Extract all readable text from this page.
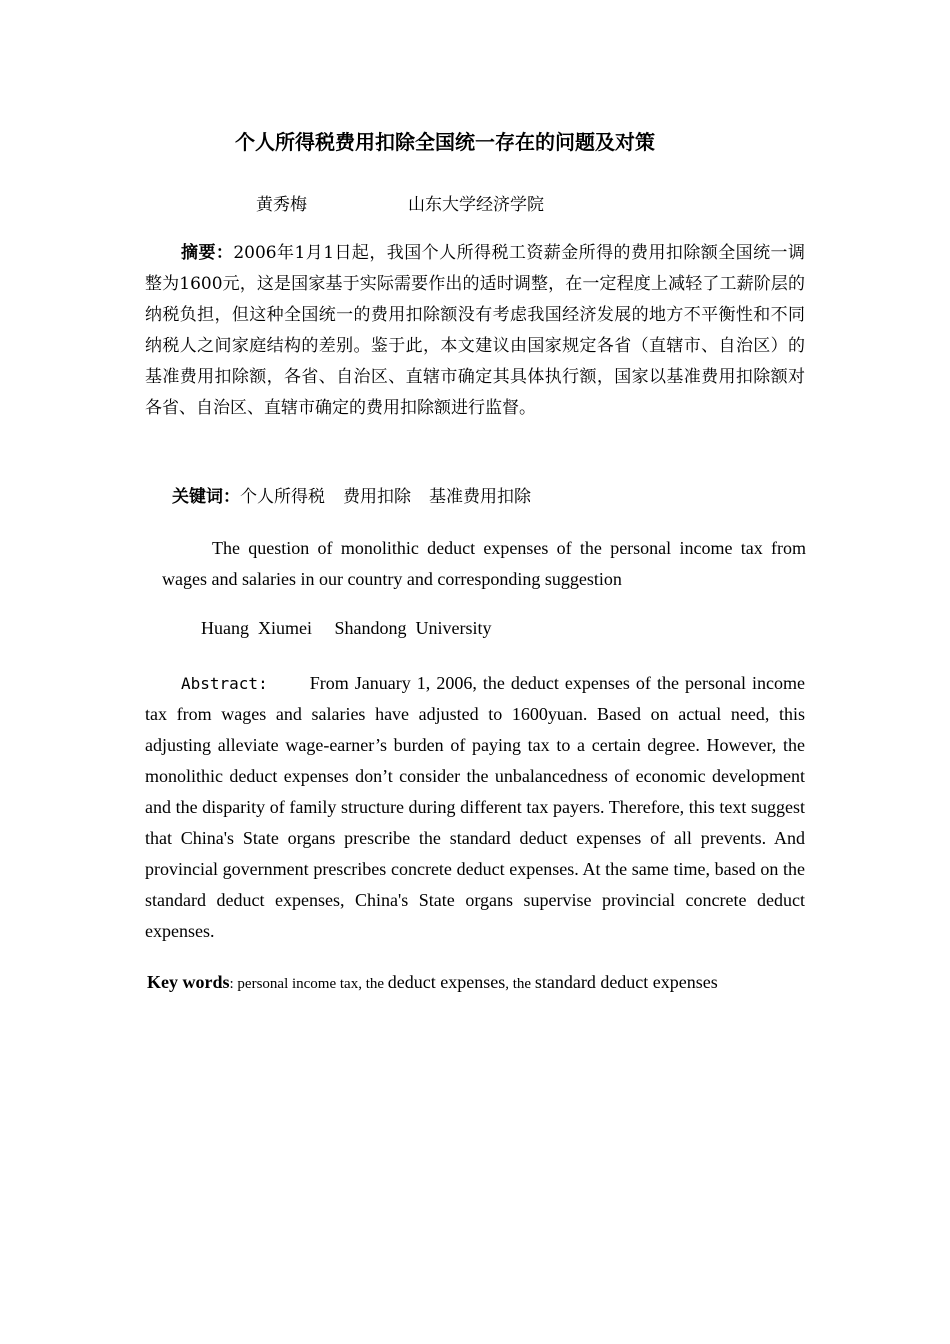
个人所得税费用扣除全国统一存在的问题及对策
黄秀梅	山东大学经济学院
摘要：2006年1月1日起，我国个人所得税工资薪金所得的费用扣除额全国统一调整为1600元，这是国家基于实际需要作出的适时调整，在一定程度上减轻了工薪阶层的纳税负担，但这种全国统一的费用扣除额没有考虑我国经济发展的地方不平衡性和不同纳税人之间家庭结构的差别。鉴于此，本文建议由国家规定各省（直辖市、自治区）的基准费用扣除额，各省、自治区、直辖市确定其具体执行额，国家以基准费用扣除额对各省、自治区、直辖市确定的费用扣除额进行监督。
关键词：个人所得税 费用扣除 基准费用扣除
The question of monolithic deduct expenses of the personal income tax from wages and salaries in our country and corresponding suggestion
Huang  Xiumei     Shandong  University
Abstract: From January 1, 2006, the deduct expenses of the personal income tax from wages and salaries have adjusted to 1600yuan. Based on actual need, this adjusting alleviate wage-earner’s burden of paying tax to a certain degree. However, the monolithic deduct expenses don’t consider the unbalancedness of economic development and the disparity of family structure during different tax payers. Therefore, this text suggest that China's State organs prescribe the standard deduct expenses of all prevents. And provincial government prescribes concrete deduct expenses. At the same time, based on the standard deduct expenses, China's State organs supervise provincial concrete deduct expenses.
Key words: personal income tax, the deduct expenses, the standard deduct expenses
